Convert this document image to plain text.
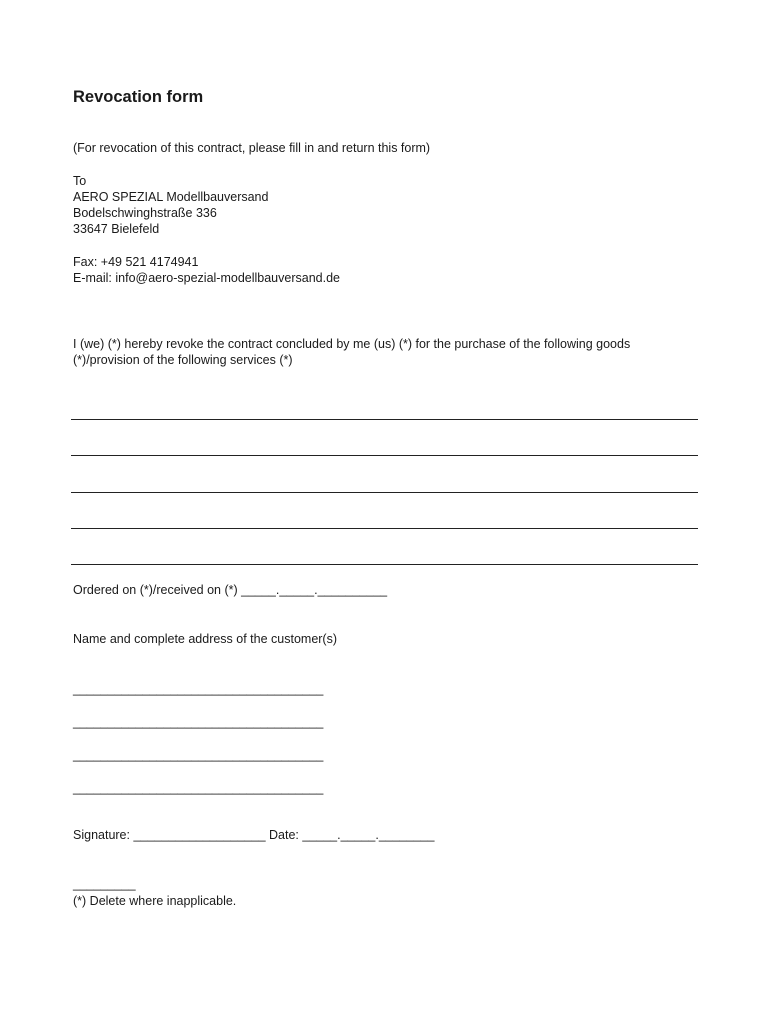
Revocation form
(For revocation of this contract, please fill in and return this form)
To
AERO SPEZIAL Modellbauversand
Bodelschwinghstraße 336
33647 Bielefeld
Fax: +49 521 4174941
E-mail: info@aero-spezial-modellbauversand.de
I (we) (*) hereby revoke the contract concluded by me (us) (*) for the purchase of the following goods
(*)/provision of the following services (*)
Ordered on (*)/received on (*) _____._____.__________
Name and complete address of the customer(s)
____________________________________
____________________________________
____________________________________
____________________________________
Signature: ___________________ Date: _____._____.________
_________
(*) Delete where inapplicable.
